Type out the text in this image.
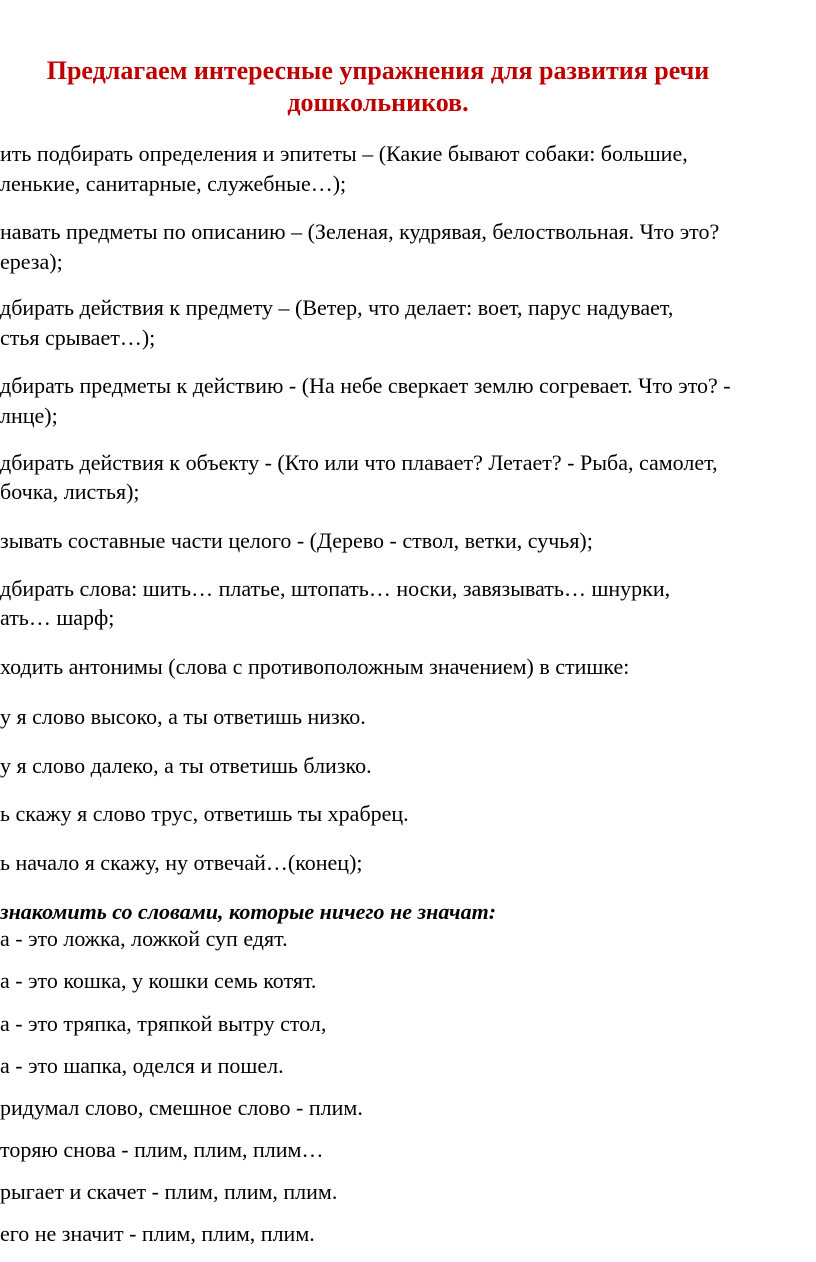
Предлагаем интересные упражнения для развития речи
дошкольников.
ить подбирать определения и эпитеты – (Какие бывают собаки: большие,
ленькие, санитарные, служебные…);
навать предметы по описанию – (Зеленая, кудрявая, белоствольная. Что это?
ереза);
дбирать действия к предмету – (Ветер, что делает: воет, парус надувает,
стья срывает…);
дбирать предметы к действию - (На небе сверкает землю согревает. Что это? -
лнце);
дбирать действия к объекту - (Кто или что плавает? Летает? - Рыба, самолет,
бочка, листья);
зывать составные части целого - (Дерево - ствол, ветки, сучья);
дбирать слова: шить… платье, штопать… носки, завязывать… шнурки,
ать… шарф;
ходить антонимы (слова с противоположным значением) в стишке:
у я слово высоко, а ты ответишь низко.
у я слово далеко, а ты ответишь близко.
ь скажу я слово трус, ответишь ты храбрец.
ь начало я скажу, ну отвечай…(конец);
знакомить со словами, которые ничего не значат:
а - это ложка, ложкой суп едят.
а - это кошка, у кошки семь котят.
а - это тряпка, тряпкой вытру стол,
а - это шапка, оделся и пошел.
ридумал слово, смешное слово - плим.
торяю снова - плим, плим, плим…
рыгает и скачет - плим, плим, плим.
его не значит - плим, плим, плим.
